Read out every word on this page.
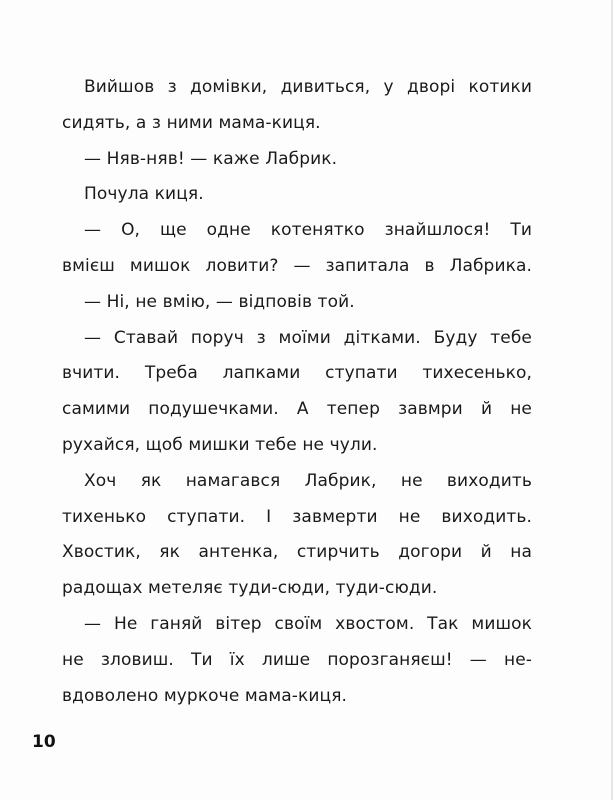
Вийшов з домівки, дивиться, у дворі котики
сидять, а з ними мама-киця.
— Няв-няв! — каже Лабрик.
Почула киця.
— О, ще одне котенятко знайшлося! Ти
вмієш мишок ловити? — запитала в Лабрика.
— Ні, не вмію, — відповів той.
— Ставай поруч з моїми дітками. Буду тебе
вчити. Треба лапками ступати тихесенько,
самими подушечками. А тепер завмри й не
рухайся, щоб мишки тебе не чули.
Хоч як намагався Лабрик, не виходить
тихенько ступати. І завмерти не виходить.
Хвостик, як антенка, стирчить догори й на
радощах метеляє туди-сюди, туди-сюди.
— Не ганяй вітер своїм хвостом. Так мишок
не зловиш. Ти їх лише порозганяєш! — не-
вдоволено муркоче мама-киця.
10
